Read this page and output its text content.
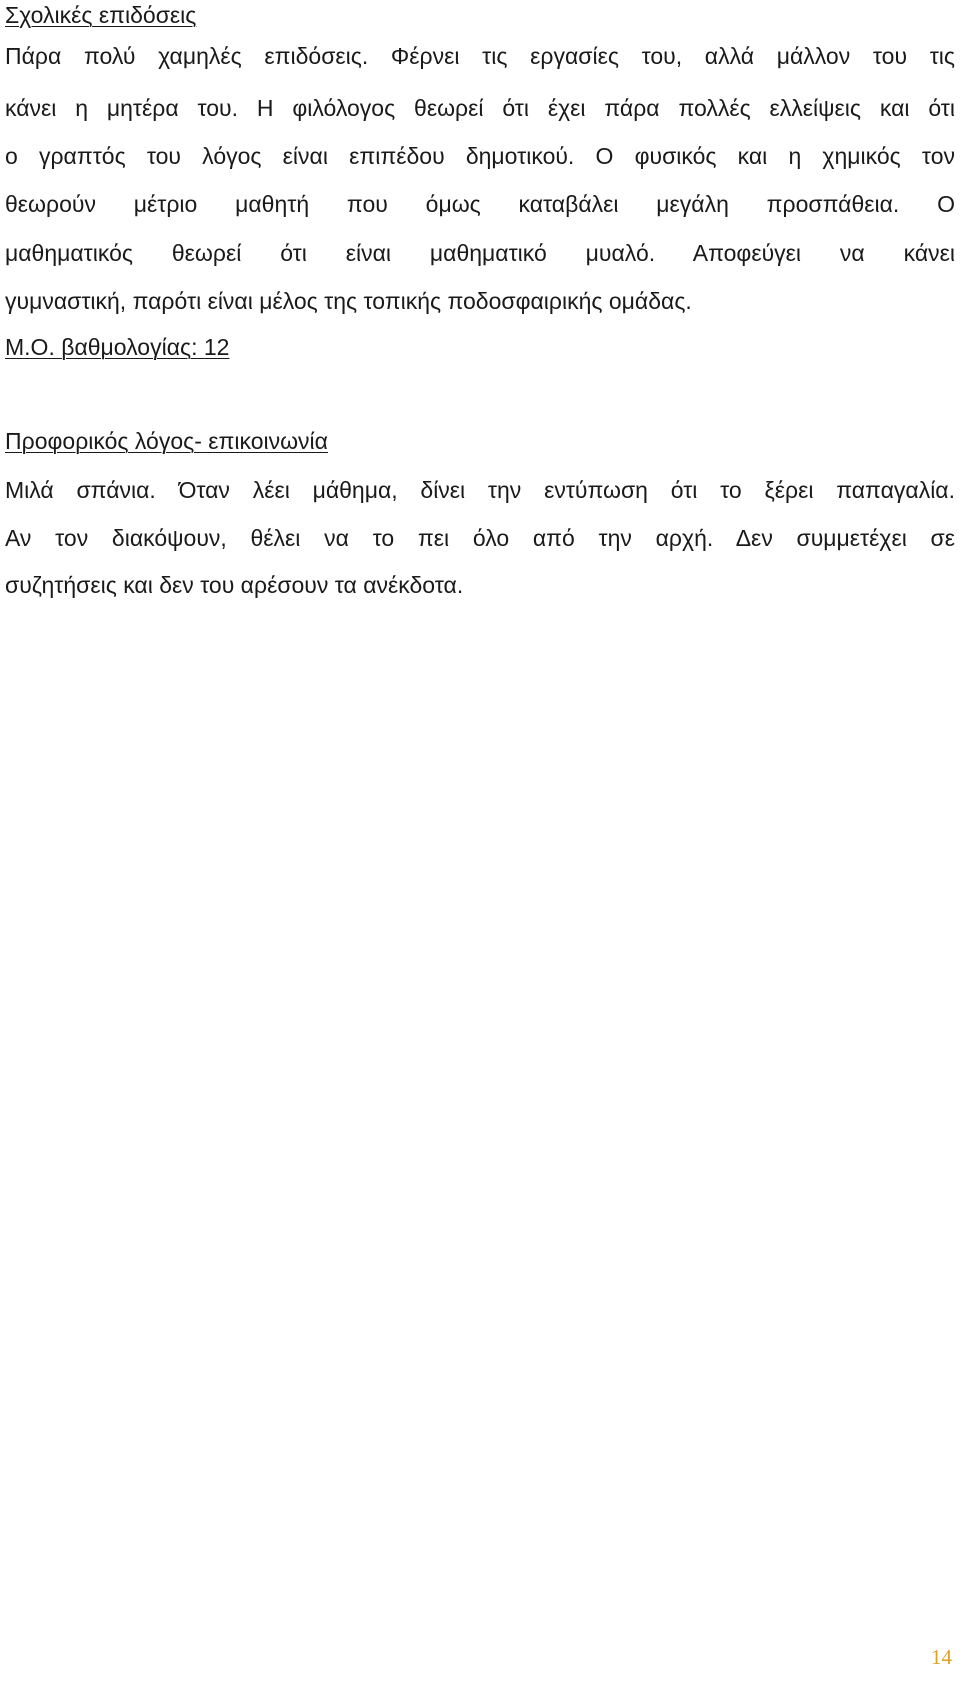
Σχολικές επιδόσεις
Πάρα πολύ χαμηλές επιδόσεις. Φέρνει τις εργασίες του, αλλά μάλλον του τις
κάνει η μητέρα του. Η φιλόλογος θεωρεί ότι έχει πάρα πολλές ελλείψεις και ότι
ο γραπτός του λόγος είναι επιπέδου δημοτικού. Ο φυσικός και η χημικός τον
θεωρούν μέτριο μαθητή που όμως καταβάλει μεγάλη προσπάθεια. Ο
μαθηματικός θεωρεί ότι είναι μαθηματικό μυαλό. Αποφεύγει να κάνει
γυμναστική, παρότι είναι μέλος της τοπικής ποδοσφαιρικής ομάδας.
Μ.Ο. βαθμολογίας: 12
Προφορικός λόγος- επικοινωνία
Μιλά σπάνια. Όταν λέει μάθημα, δίνει την εντύπωση ότι το ξέρει παπαγαλία.
Αν τον διακόψουν, θέλει να το πει όλο από την αρχή. Δεν συμμετέχει σε
συζητήσεις και δεν του αρέσουν τα ανέκδοτα.
14
